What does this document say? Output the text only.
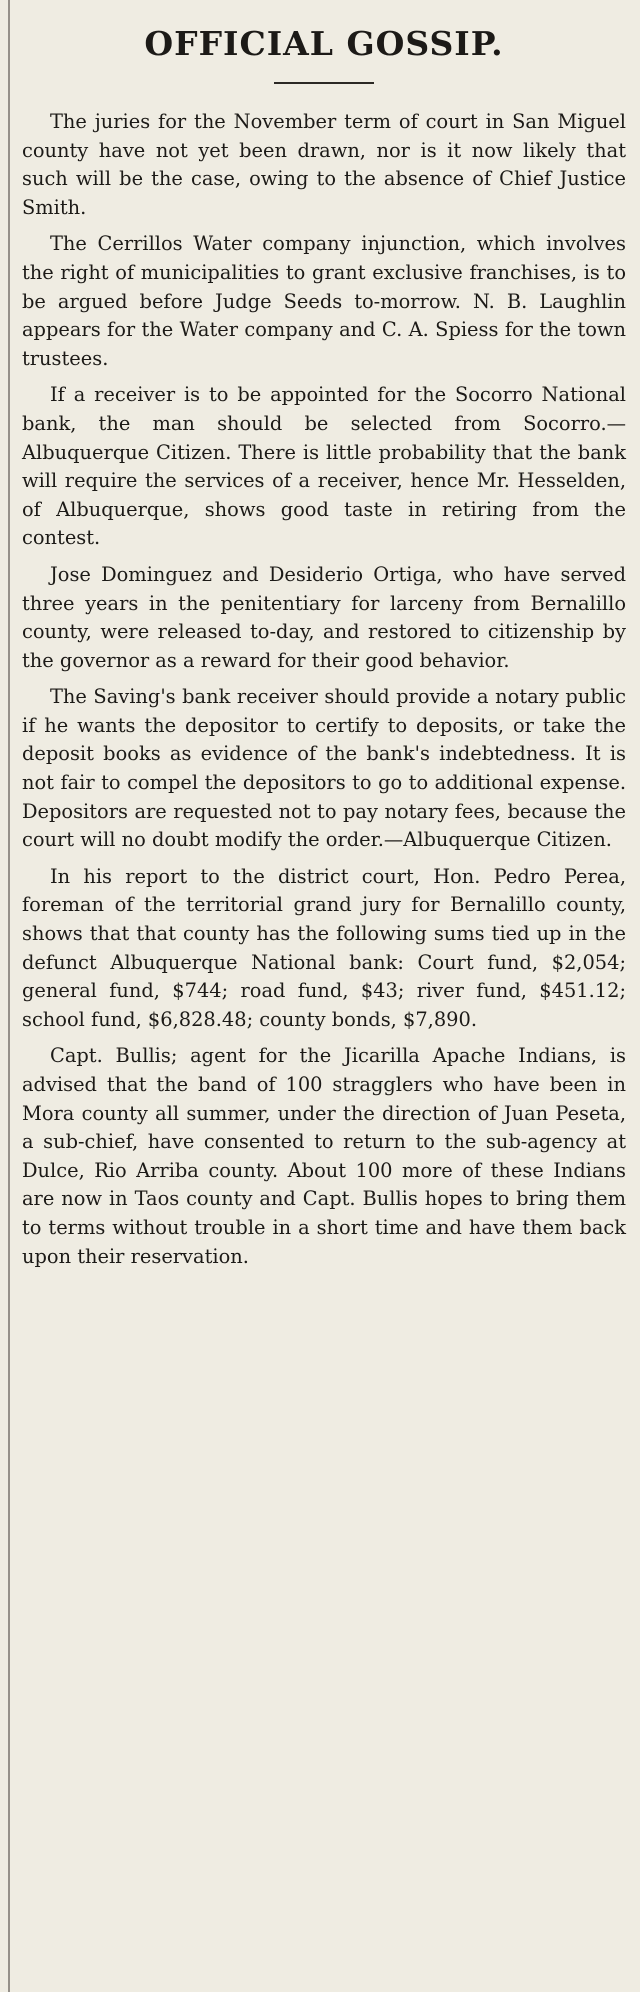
OFFICIAL GOSSIP.

The juries for the November term of court in San Miguel county have not yet been drawn, nor is it now likely that such will be the case, owing to the absence of Chief Justice Smith.

The Cerrillos Water company injunction, which involves the right of municipalities to grant exclusive franchises, is to be argued before Judge Seeds to-morrow. N. B. Laughlin appears for the Water company and C. A. Spiess for the town trustees.

If a receiver is to be appointed for the Socorro National bank, the man should be selected from Socorro.—Albuquerque Citizen. There is little probability that the bank will require the services of a receiver, hence Mr. Hesselden, of Albuquerque, shows good taste in retiring from the contest.

Jose Dominguez and Desiderio Ortiga, who have served three years in the penitentiary for larceny from Bernalillo county, were released to-day, and restored to citizenship by the governor as a reward for their good behavior.

The Saving's bank receiver should provide a notary public if he wants the depositor to certify to deposits, or take the deposit books as evidence of the bank's indebtedness. It is not fair to compel the depositors to go to additional expense. Depositors are requested not to pay notary fees, because the court will no doubt modify the order.—Albuquerque Citizen.

In his report to the district court, Hon. Pedro Perea, foreman of the territorial grand jury for Bernalillo county, shows that that county has the following sums tied up in the defunct Albuquerque National bank: Court fund, $2,054; general fund, $744; road fund, $43; river fund, $451.12; school fund, $6,828.48; county bonds, $7,890.

Capt. Bullis; agent for the Jicarilla Apache Indians, is advised that the band of 100 stragglers who have been in Mora county all summer, under the direction of Juan Peseta, a sub-chief, have consented to return to the sub-agency at Dulce, Rio Arriba county. About 100 more of these Indians are now in Taos county and Capt. Bullis hopes to bring them to terms without trouble in a short time and have them back upon their reservation.
